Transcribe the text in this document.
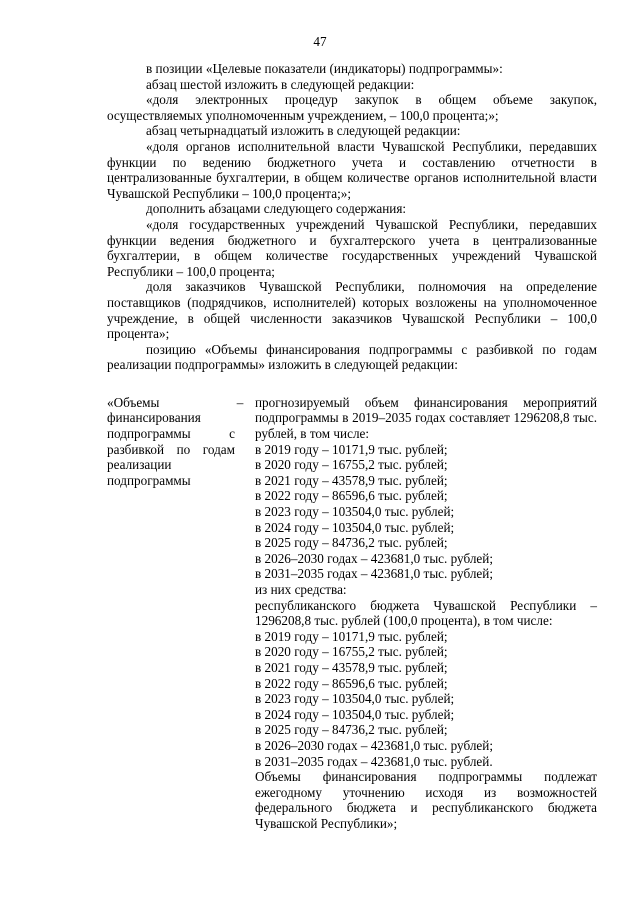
47

в позиции «Целевые показатели (индикаторы) подпрограммы»:

абзац шестой изложить в следующей редакции:

«доля электронных процедур закупок в общем объеме закупок, осуществляемых уполномоченным учреждением, – 100,0 процента;»;

абзац четырнадцатый изложить в следующей редакции:

«доля органов исполнительной власти Чувашской Республики, передавших функции по ведению бюджетного учета и составлению отчетности в централизованные бухгалтерии, в общем количестве органов исполнительной власти Чувашской Республики – 100,0 процента;»;

дополнить абзацами следующего содержания:

«доля государственных учреждений Чувашской Республики, передавших функции ведения бюджетного и бухгалтерского учета в централизованные бухгалтерии, в общем количестве государственных учреждений Чувашской Республики – 100,0 процента;

доля заказчиков Чувашской Республики, полномочия на определение поставщиков (подрядчиков, исполнителей) которых возложены на уполномоченное учреждение, в общей численности заказчиков Чувашской Республики – 100,0 процента»;

позицию «Объемы финансирования подпрограммы с разбивкой по годам реализации подпрограммы» изложить в следующей редакции:

«Объемы финансирования подпрограммы с разбивкой по годам реализации подпрограммы
– прогнозируемый объем финансирования мероприятий подпрограммы в 2019–2035 годах составляет 1296208,8 тыс. рублей, в том числе:

в 2019 году – 10171,9 тыс. рублей;

в 2020 году – 16755,2 тыс. рублей;

в 2021 году – 43578,9 тыс. рублей;

в 2022 году – 86596,6 тыс. рублей;

в 2023 году – 103504,0 тыс. рублей;

в 2024 году – 103504,0 тыс. рублей;

в 2025 году – 84736,2 тыс. рублей;

в 2026–2030 годах – 423681,0 тыс. рублей;

в 2031–2035 годах – 423681,0 тыс. рублей;

из них средства:

республиканского бюджета Чувашской Республики – 1296208,8 тыс. рублей (100,0 процента), в том числе:

в 2019 году – 10171,9 тыс. рублей;

в 2020 году – 16755,2 тыс. рублей;

в 2021 году – 43578,9 тыс. рублей;

в 2022 году – 86596,6 тыс. рублей;

в 2023 году – 103504,0 тыс. рублей;

в 2024 году – 103504,0 тыс. рублей;

в 2025 году – 84736,2 тыс. рублей;

в 2026–2030 годах – 423681,0 тыс. рублей;

в 2031–2035 годах – 423681,0 тыс. рублей.

Объемы финансирования подпрограммы подлежат ежегодному уточнению исходя из возможностей федерального бюджета и республиканского бюджета Чувашской Республики»;
